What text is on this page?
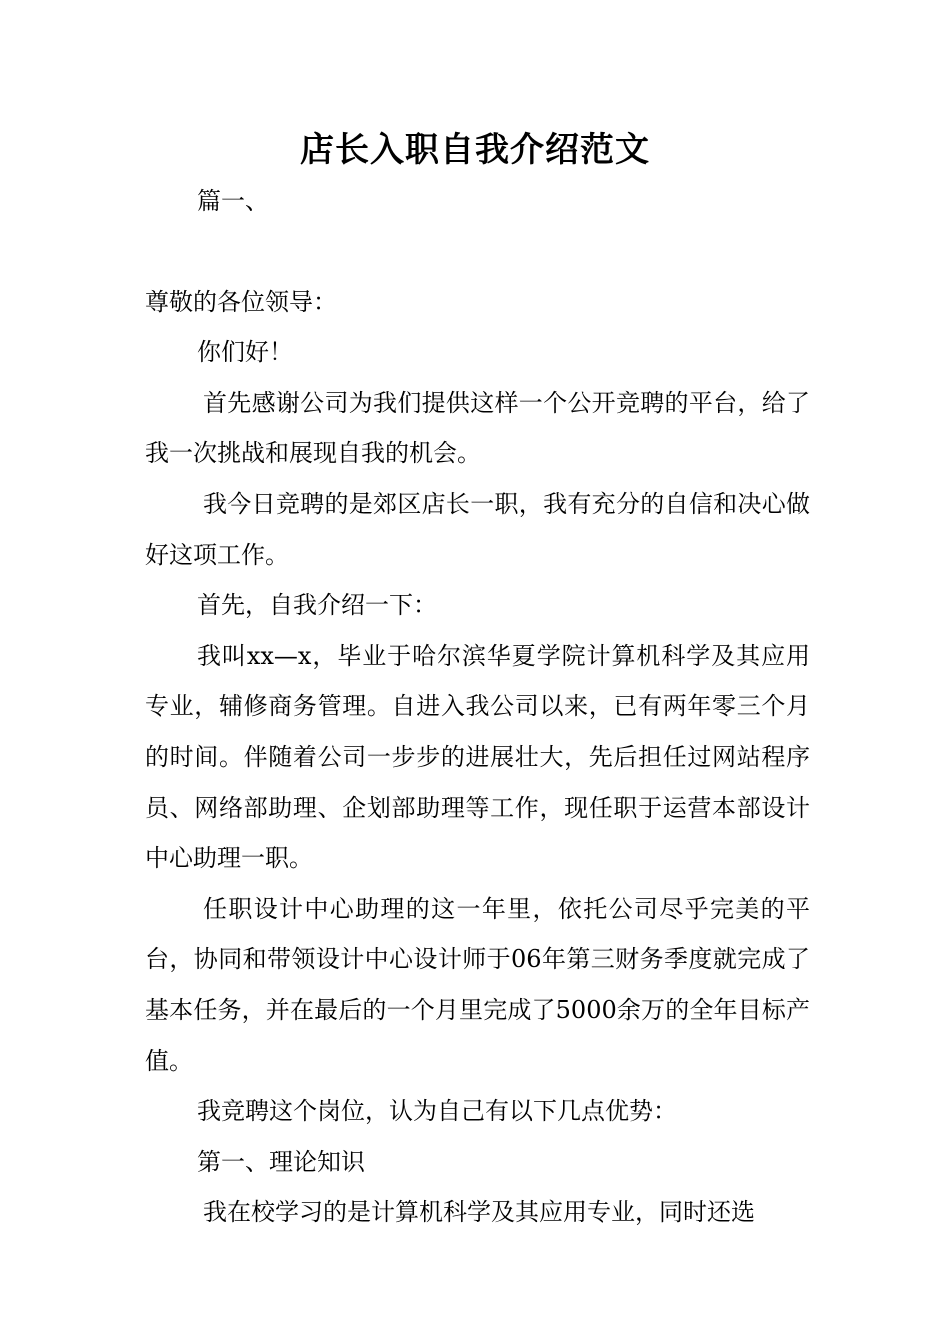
店长入职自我介绍范文

篇一、

尊敬的各位领导：

你们好！

首先感谢公司为我们提供这样一个公开竞聘的平台，给了我一次挑战和展现自我的机会。

我今日竞聘的是郊区店长一职，我有充分的自信和决心做好这项工作。

首先，自我介绍一下：

我叫xx—x，毕业于哈尔滨华夏学院计算机科学及其应用专业，辅修商务管理。自进入我公司以来，已有两年零三个月的时间。伴随着公司一步步的进展壮大，先后担任过网站程序员、网络部助理、企划部助理等工作，现任职于运营本部设计中心助理一职。

任职设计中心助理的这一年里，依托公司尽乎完美的平台，协同和带领设计中心设计师于06年第三财务季度就完成了基本任务，并在最后的一个月里完成了5000余万的全年目标产值。

我竞聘这个岗位，认为自己有以下几点优势：

第一、理论知识

我在校学习的是计算机科学及其应用专业，同时还选
